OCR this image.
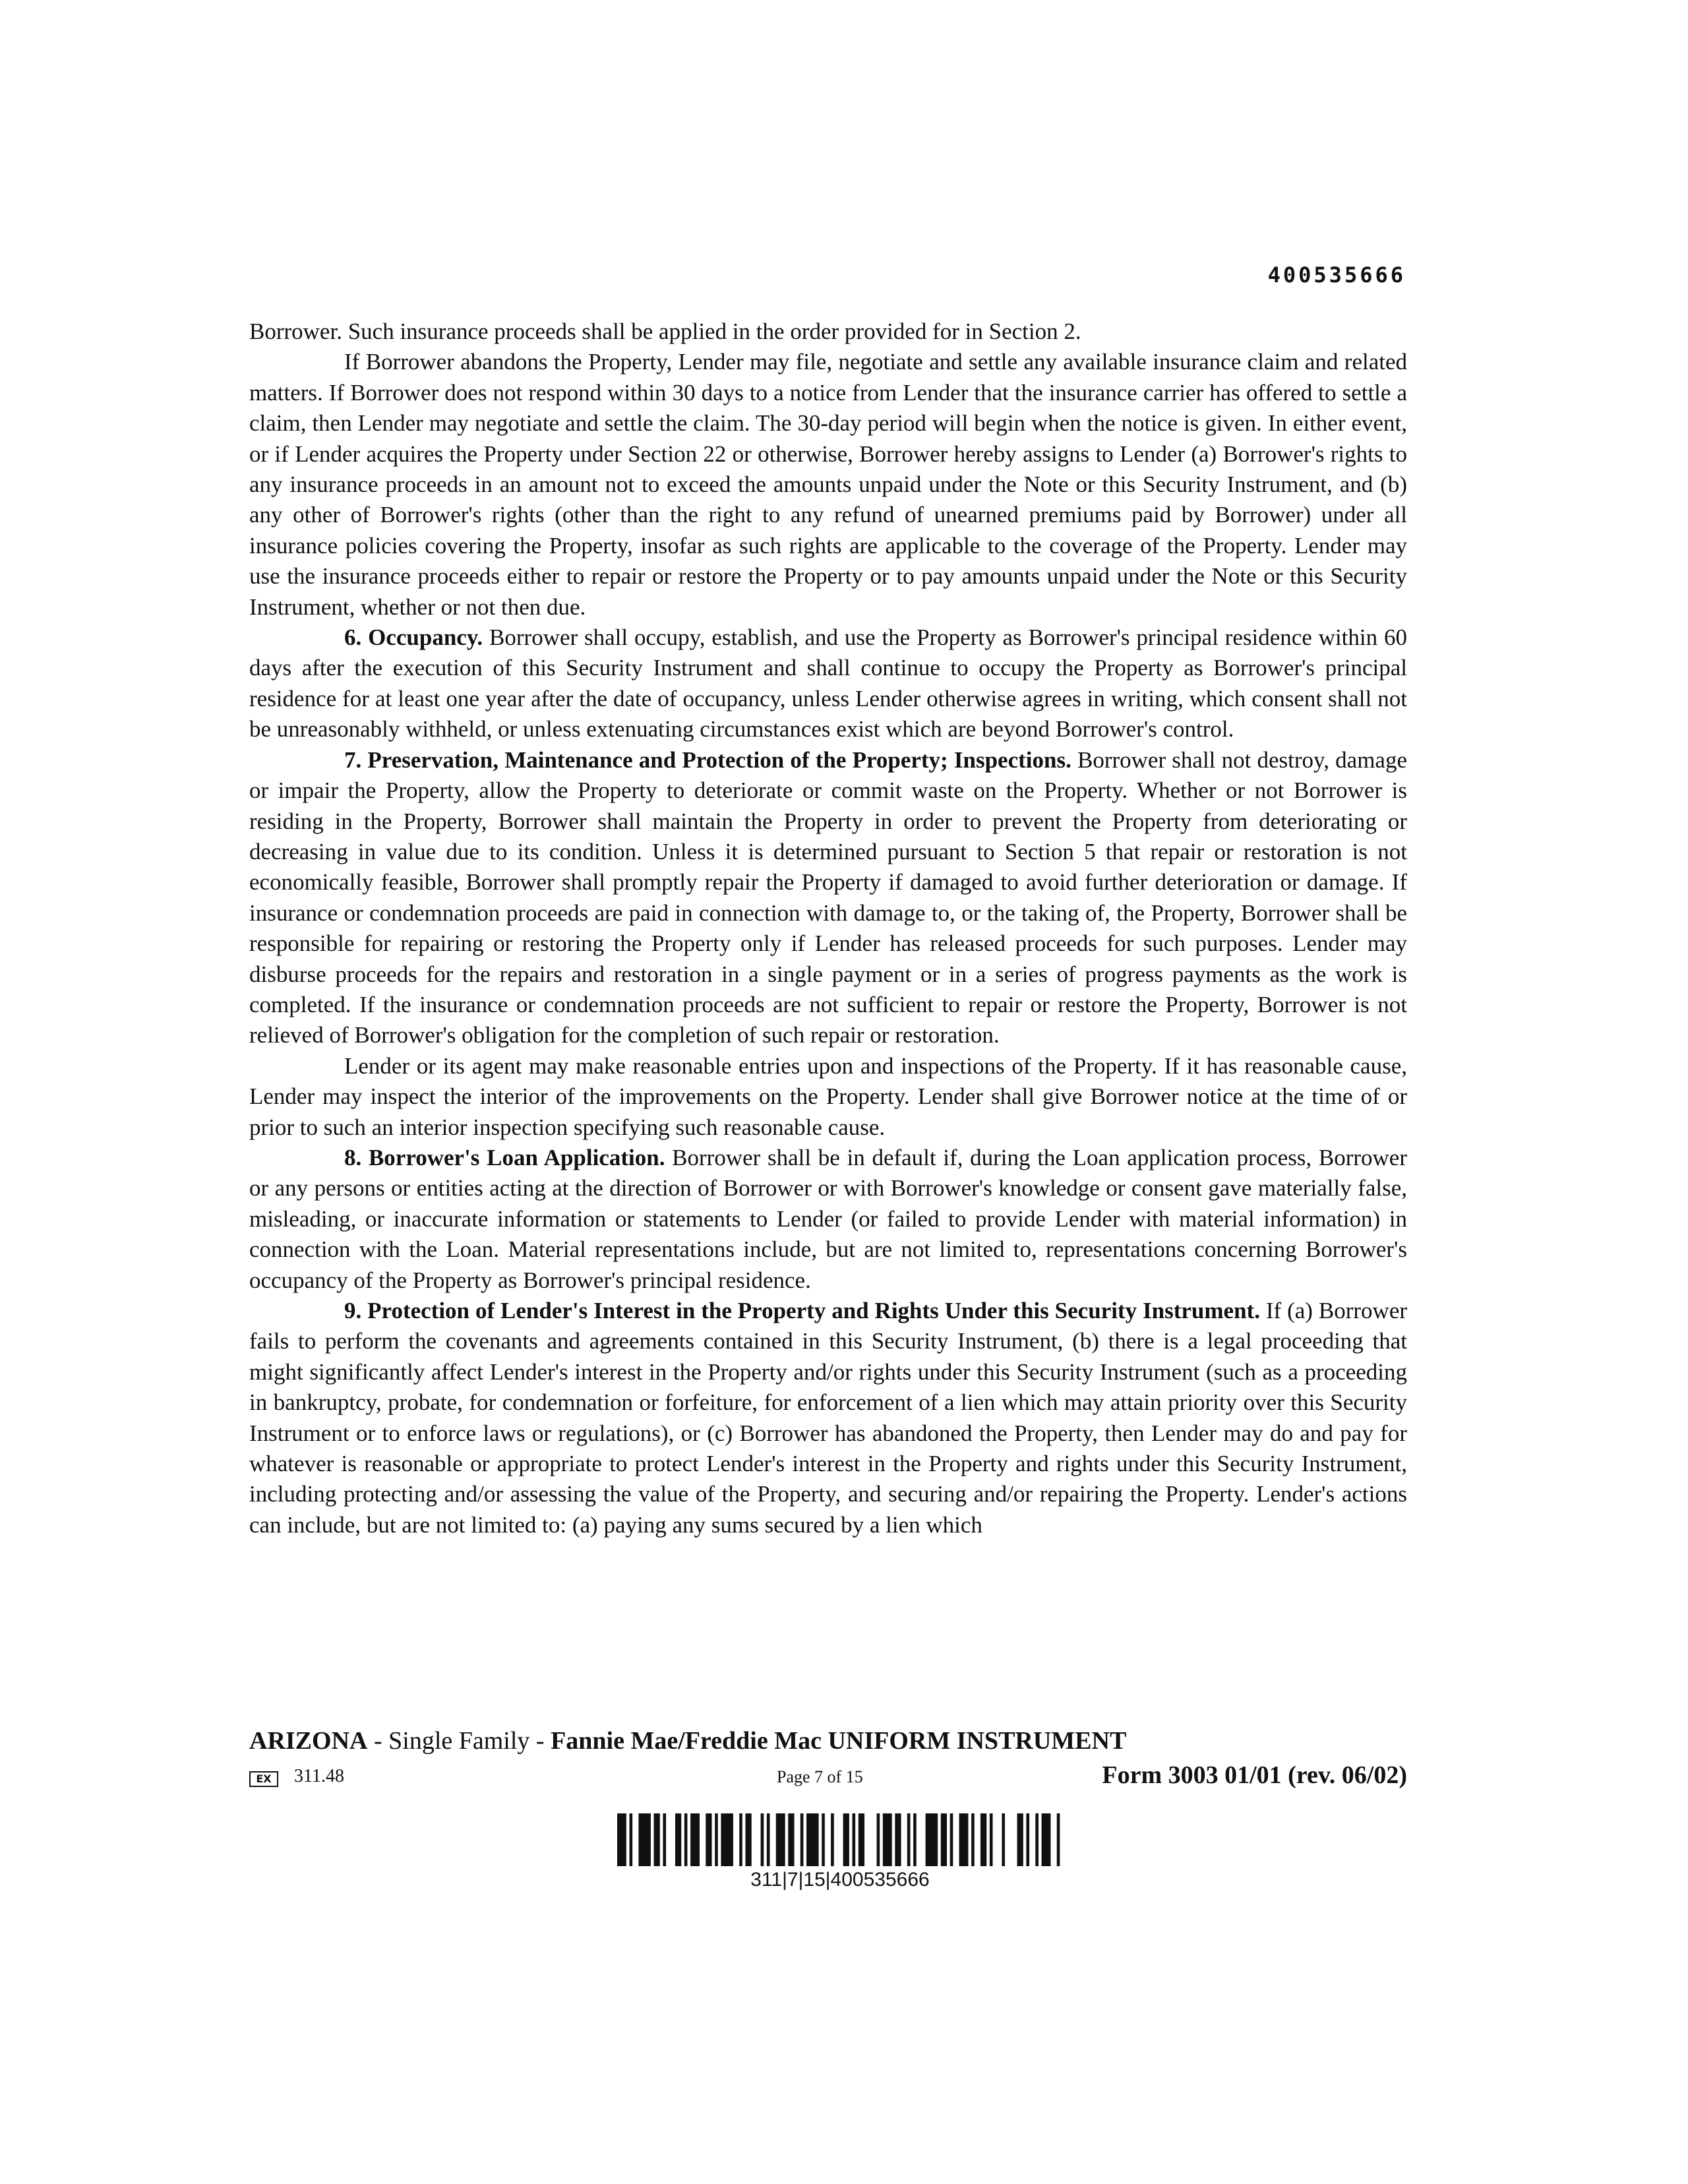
400535666

Borrower. Such insurance proceeds shall be applied in the order provided for in Section 2.

If Borrower abandons the Property, Lender may file, negotiate and settle any available insurance claim and related matters. If Borrower does not respond within 30 days to a notice from Lender that the insurance carrier has offered to settle a claim, then Lender may negotiate and settle the claim. The 30-day period will begin when the notice is given. In either event, or if Lender acquires the Property under Section 22 or otherwise, Borrower hereby assigns to Lender (a) Borrower's rights to any insurance proceeds in an amount not to exceed the amounts unpaid under the Note or this Security Instrument, and (b) any other of Borrower's rights (other than the right to any refund of unearned premiums paid by Borrower) under all insurance policies covering the Property, insofar as such rights are applicable to the coverage of the Property. Lender may use the insurance proceeds either to repair or restore the Property or to pay amounts unpaid under the Note or this Security Instrument, whether or not then due.

6. Occupancy. Borrower shall occupy, establish, and use the Property as Borrower's principal residence within 60 days after the execution of this Security Instrument and shall continue to occupy the Property as Borrower's principal residence for at least one year after the date of occupancy, unless Lender otherwise agrees in writing, which consent shall not be unreasonably withheld, or unless extenuating circumstances exist which are beyond Borrower's control.

7. Preservation, Maintenance and Protection of the Property; Inspections. Borrower shall not destroy, damage or impair the Property, allow the Property to deteriorate or commit waste on the Property. Whether or not Borrower is residing in the Property, Borrower shall maintain the Property in order to prevent the Property from deteriorating or decreasing in value due to its condition. Unless it is determined pursuant to Section 5 that repair or restoration is not economically feasible, Borrower shall promptly repair the Property if damaged to avoid further deterioration or damage. If insurance or condemnation proceeds are paid in connection with damage to, or the taking of, the Property, Borrower shall be responsible for repairing or restoring the Property only if Lender has released proceeds for such purposes. Lender may disburse proceeds for the repairs and restoration in a single payment or in a series of progress payments as the work is completed. If the insurance or condemnation proceeds are not sufficient to repair or restore the Property, Borrower is not relieved of Borrower's obligation for the completion of such repair or restoration.

Lender or its agent may make reasonable entries upon and inspections of the Property. If it has reasonable cause, Lender may inspect the interior of the improvements on the Property. Lender shall give Borrower notice at the time of or prior to such an interior inspection specifying such reasonable cause.

8. Borrower's Loan Application. Borrower shall be in default if, during the Loan application process, Borrower or any persons or entities acting at the direction of Borrower or with Borrower's knowledge or consent gave materially false, misleading, or inaccurate information or statements to Lender (or failed to provide Lender with material information) in connection with the Loan. Material representations include, but are not limited to, representations concerning Borrower's occupancy of the Property as Borrower's principal residence.

9. Protection of Lender's Interest in the Property and Rights Under this Security Instrument. If (a) Borrower fails to perform the covenants and agreements contained in this Security Instrument, (b) there is a legal proceeding that might significantly affect Lender's interest in the Property and/or rights under this Security Instrument (such as a proceeding in bankruptcy, probate, for condemnation or forfeiture, for enforcement of a lien which may attain priority over this Security Instrument or to enforce laws or regulations), or (c) Borrower has abandoned the Property, then Lender may do and pay for whatever is reasonable or appropriate to protect Lender's interest in the Property and rights under this Security Instrument, including protecting and/or assessing the value of the Property, and securing and/or repairing the Property. Lender's actions can include, but are not limited to: (a) paying any sums secured by a lien which

ARIZONA - Single Family - Fannie Mae/Freddie Mac UNIFORM INSTRUMENT
EX	311.48	Page 7 of 15	Form 3003 01/01 (rev. 06/02)
311|7|15|400535666
